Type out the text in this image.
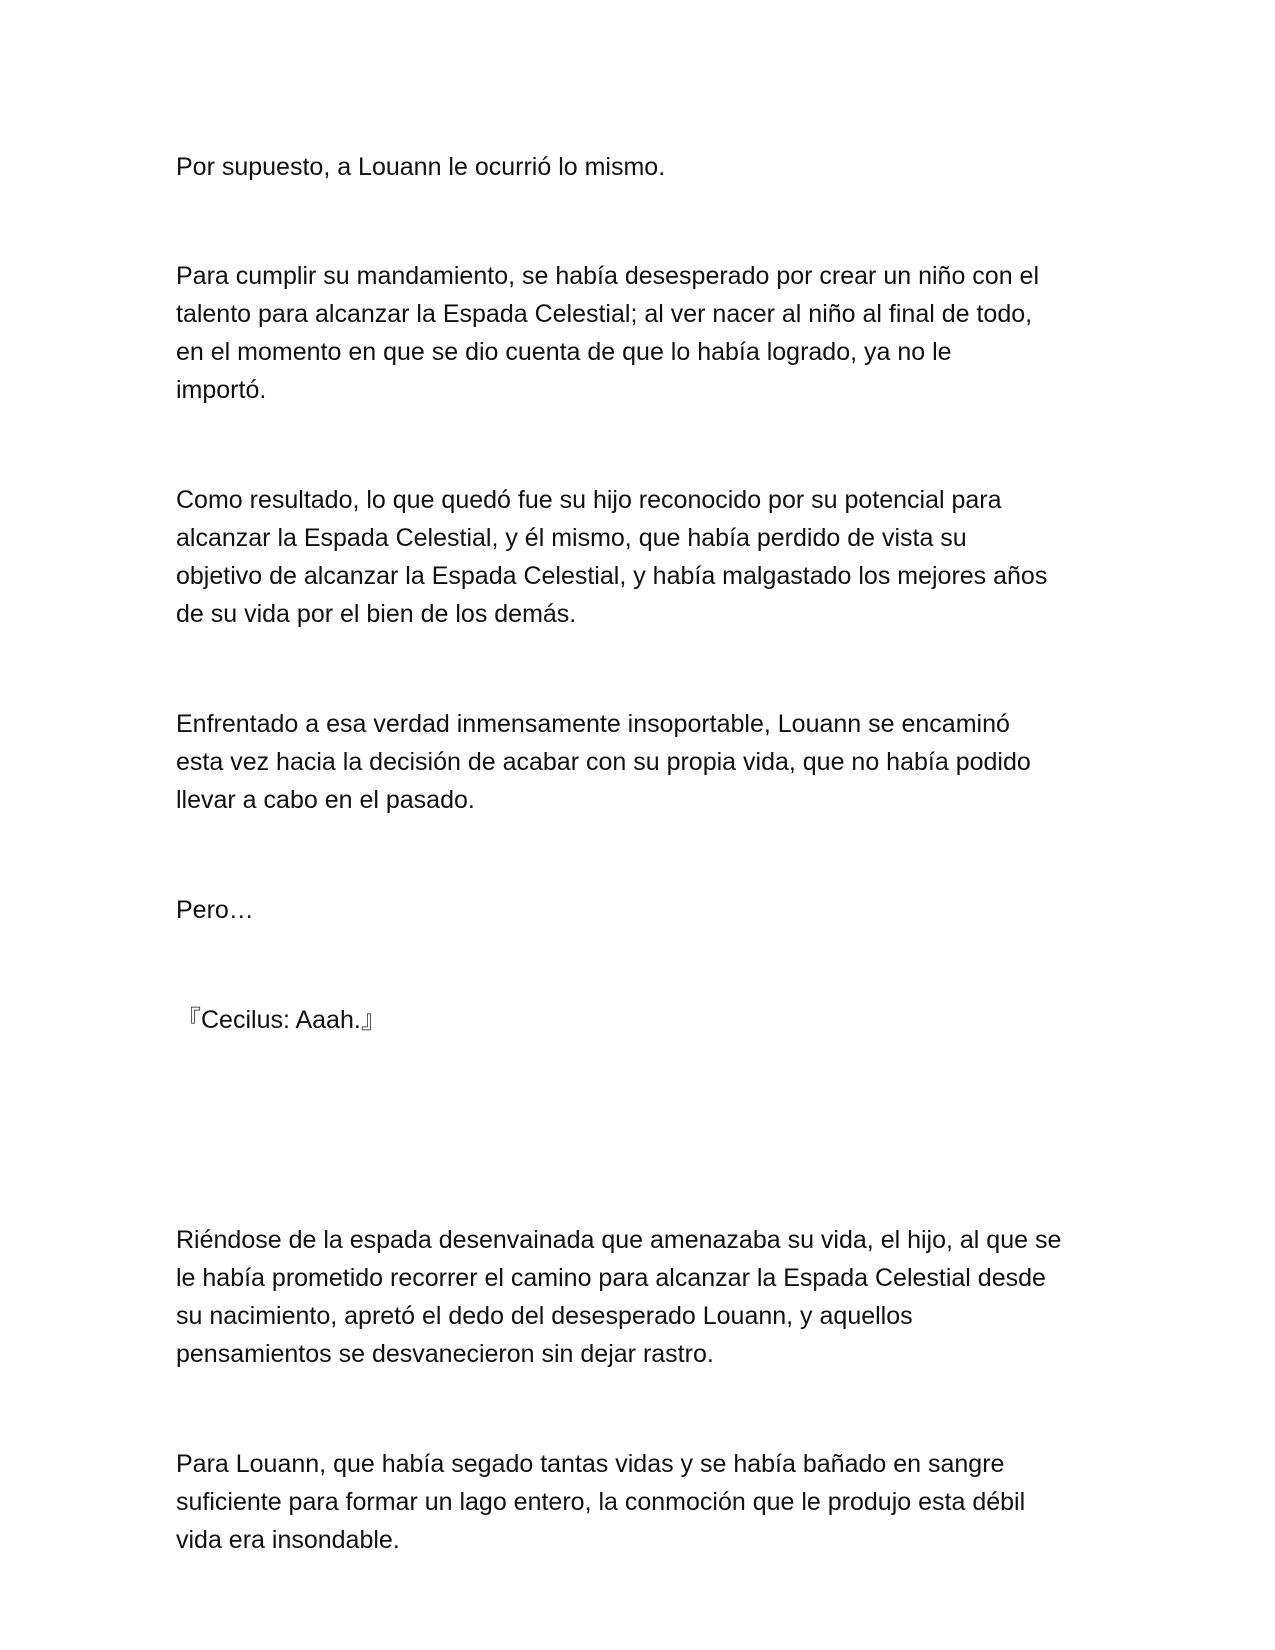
Por supuesto, a Louann le ocurrió lo mismo.

Para cumplir su mandamiento, se había desesperado por crear un niño con el
talento para alcanzar la Espada Celestial; al ver nacer al niño al final de todo,
en el momento en que se dio cuenta de que lo había logrado, ya no le
importó.

Como resultado, lo que quedó fue su hijo reconocido por su potencial para
alcanzar la Espada Celestial, y él mismo, que había perdido de vista su
objetivo de alcanzar la Espada Celestial, y había malgastado los mejores años
de su vida por el bien de los demás.

Enfrentado a esa verdad inmensamente insoportable, Louann se encaminó
esta vez hacia la decisión de acabar con su propia vida, que no había podido
llevar a cabo en el pasado.

Pero…

『Cecilus: Aaah.』

Riéndose de la espada desenvainada que amenazaba su vida, el hijo, al que se
le había prometido recorrer el camino para alcanzar la Espada Celestial desde
su nacimiento, apretó el dedo del desesperado Louann, y aquellos
pensamientos se desvanecieron sin dejar rastro.

Para Louann, que había segado tantas vidas y se había bañado en sangre
suficiente para formar un lago entero, la conmoción que le produjo esta débil
vida era insondable.
